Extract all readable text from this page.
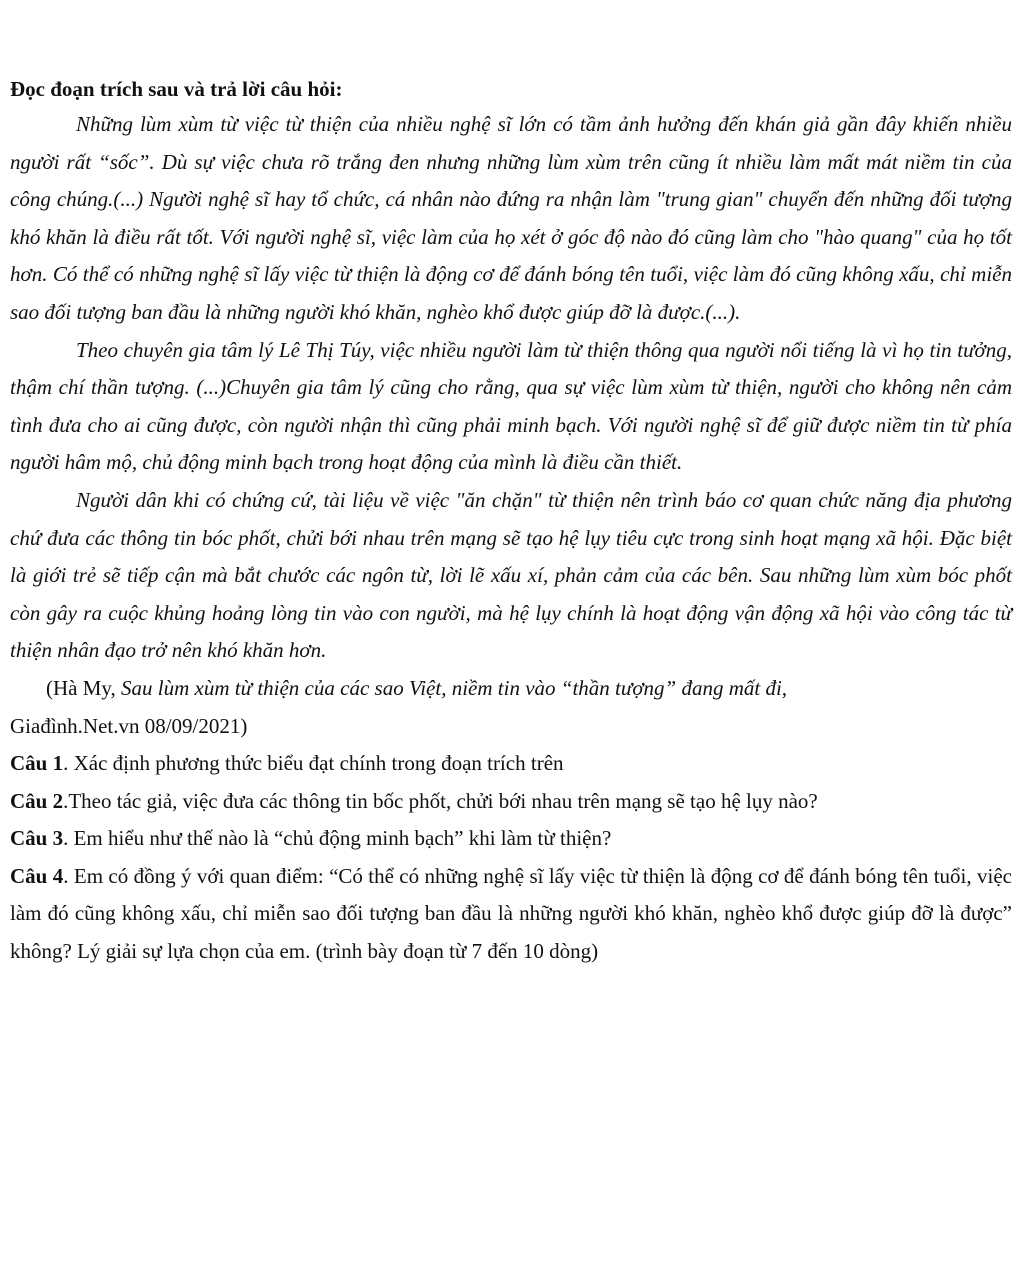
Đọc đoạn trích sau và trả lời câu hỏi:

Những lùm xùm từ việc từ thiện của nhiều nghệ sĩ lớn có tầm ảnh hưởng đến khán giả gần đây khiến nhiều người rất “sốc”. Dù sự việc chưa rõ trắng đen nhưng những lùm xùm trên cũng ít nhiều làm mất mát niềm tin của công chúng.(...) Người nghệ sĩ hay tổ chức, cá nhân nào đứng ra nhận làm "trung gian" chuyển đến những đối tượng khó khăn là điều rất tốt. Với người nghệ sĩ, việc làm của họ xét ở góc độ nào đó cũng làm cho "hào quang" của họ tốt hơn. Có thể có những nghệ sĩ lấy việc từ thiện là động cơ để đánh bóng tên tuổi, việc làm đó cũng không xấu, chỉ miễn sao đối tượng ban đầu là những người khó khăn, nghèo khổ được giúp đỡ là được.(...).

Theo chuyên gia tâm lý Lê Thị Túy, việc nhiều người làm từ thiện thông qua người nổi tiếng là vì họ tin tưởng, thậm chí thần tượng. (...)Chuyên gia tâm lý cũng cho rằng, qua sự việc lùm xùm từ thiện, người cho không nên cảm tình đưa cho ai cũng được, còn người nhận thì cũng phải minh bạch. Với người nghệ sĩ để giữ được niềm tin từ phía người hâm mộ, chủ động minh bạch trong hoạt động của mình là điều cần thiết.

Người dân khi có chứng cứ, tài liệu về việc "ăn chặn" từ thiện nên trình báo cơ quan chức năng địa phương chứ đưa các thông tin bóc phốt, chửi bới nhau trên mạng sẽ tạo hệ lụy tiêu cực trong sinh hoạt mạng xã hội. Đặc biệt là giới trẻ sẽ tiếp cận mà bắt chước các ngôn từ, lời lẽ xấu xí, phản cảm của các bên. Sau những lùm xùm bóc phốt còn gây ra cuộc khủng hoảng lòng tin vào con người, mà hệ lụy chính là hoạt động vận động xã hội vào công tác từ thiện nhân đạo trở nên khó khăn hơn.

(Hà My, Sau lùm xùm từ thiện của các sao Việt, niềm tin vào “thần tượng” đang mất đi,
Giađình.Net.vn 08/09/2021)

Câu 1. Xác định phương thức biểu đạt chính trong đoạn trích trên

Câu 2.Theo tác giả, việc đưa các thông tin bốc phốt, chửi bới nhau trên mạng sẽ tạo hệ lụy nào?

Câu 3. Em hiểu như thế nào là “chủ động minh bạch” khi làm từ thiện?

Câu 4. Em có đồng ý với quan điểm: “Có thể có những nghệ sĩ lấy việc từ thiện là động cơ để đánh bóng tên tuổi, việc làm đó cũng không xấu, chỉ miễn sao đối tượng ban đầu là những người khó khăn, nghèo khổ được giúp đỡ là được” không? Lý giải sự lựa chọn của em. (trình bày đoạn từ 7 đến 10 dòng)
